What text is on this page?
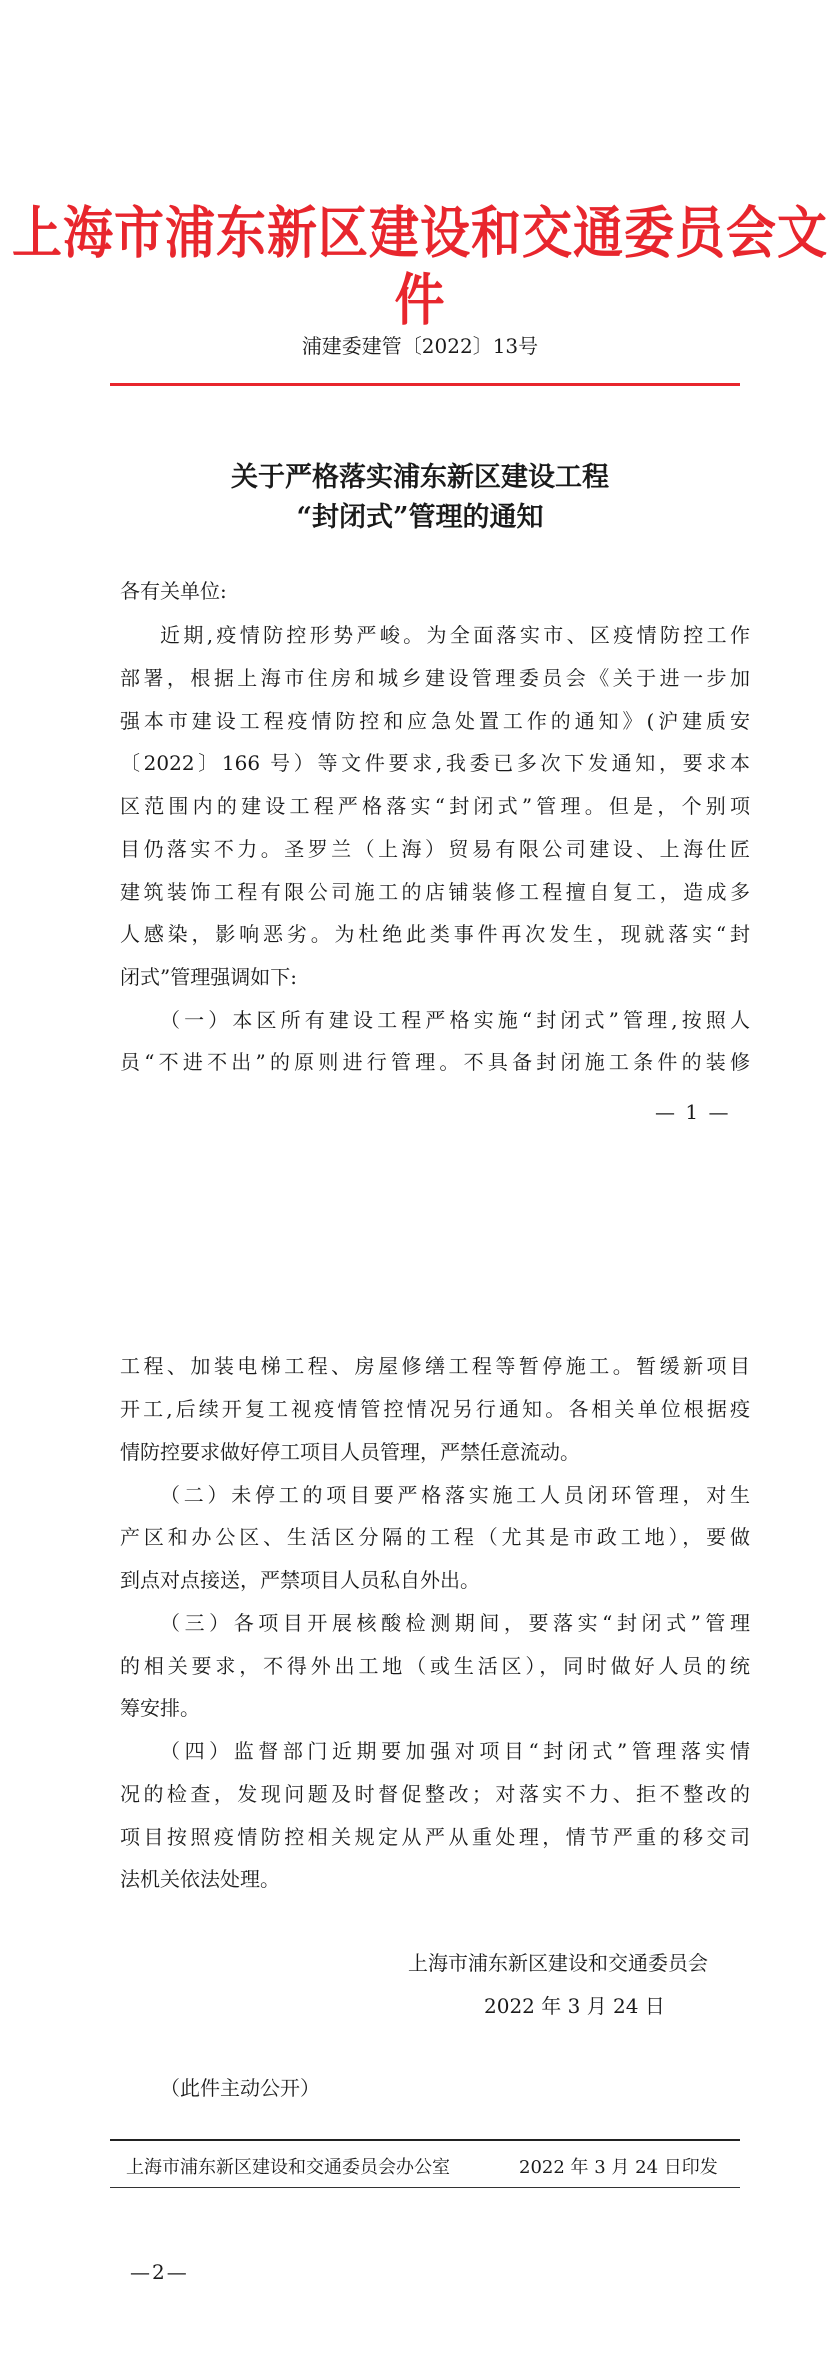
上海市浦东新区建设和交通委员会文件
浦建委建管〔2022〕13号
关于严格落实浦东新区建设工程
“封闭式”管理的通知
各有关单位:
近期,疫情防控形势严峻。为全面落实市、区疫情防控工作
部署，根据上海市住房和城乡建设管理委员会《关于进一步加
强本市建设工程疫情防控和应急处置工作的通知》(沪建质安
〔2022〕166 号）等文件要求,我委已多次下发通知，要求本
区范围内的建设工程严格落实“封闭式”管理。但是，个别项
目仍落实不力。圣罗兰（上海）贸易有限公司建设、上海仕匠
建筑装饰工程有限公司施工的店铺装修工程擅自复工，造成多
人感染，影响恶劣。为杜绝此类事件再次发生，现就落实“封
闭式”管理强调如下:
（一）本区所有建设工程严格实施“封闭式”管理,按照人
员“不进不出”的原则进行管理。不具备封闭施工条件的装修
— 1 —
工程、加装电梯工程、房屋修缮工程等暂停施工。暂缓新项目
开工,后续开复工视疫情管控情况另行通知。各相关单位根据疫
情防控要求做好停工项目人员管理，严禁任意流动。
（二）未停工的项目要严格落实施工人员闭环管理，对生
产区和办公区、生活区分隔的工程（尤其是市政工地），要做
到点对点接送，严禁项目人员私自外出。
（三）各项目开展核酸检测期间，要落实“封闭式”管理
的相关要求，不得外出工地（或生活区），同时做好人员的统
筹安排。
（四）监督部门近期要加强对项目“封闭式”管理落实情
况的检查，发现问题及时督促整改；对落实不力、拒不整改的
项目按照疫情防控相关规定从严从重处理，情节严重的移交司
法机关依法处理。
上海市浦东新区建设和交通委员会
2022 年 3 月 24 日
（此件主动公开）
上海市浦东新区建设和交通委员会办公室	2022 年 3 月 24 日印发
—2—
